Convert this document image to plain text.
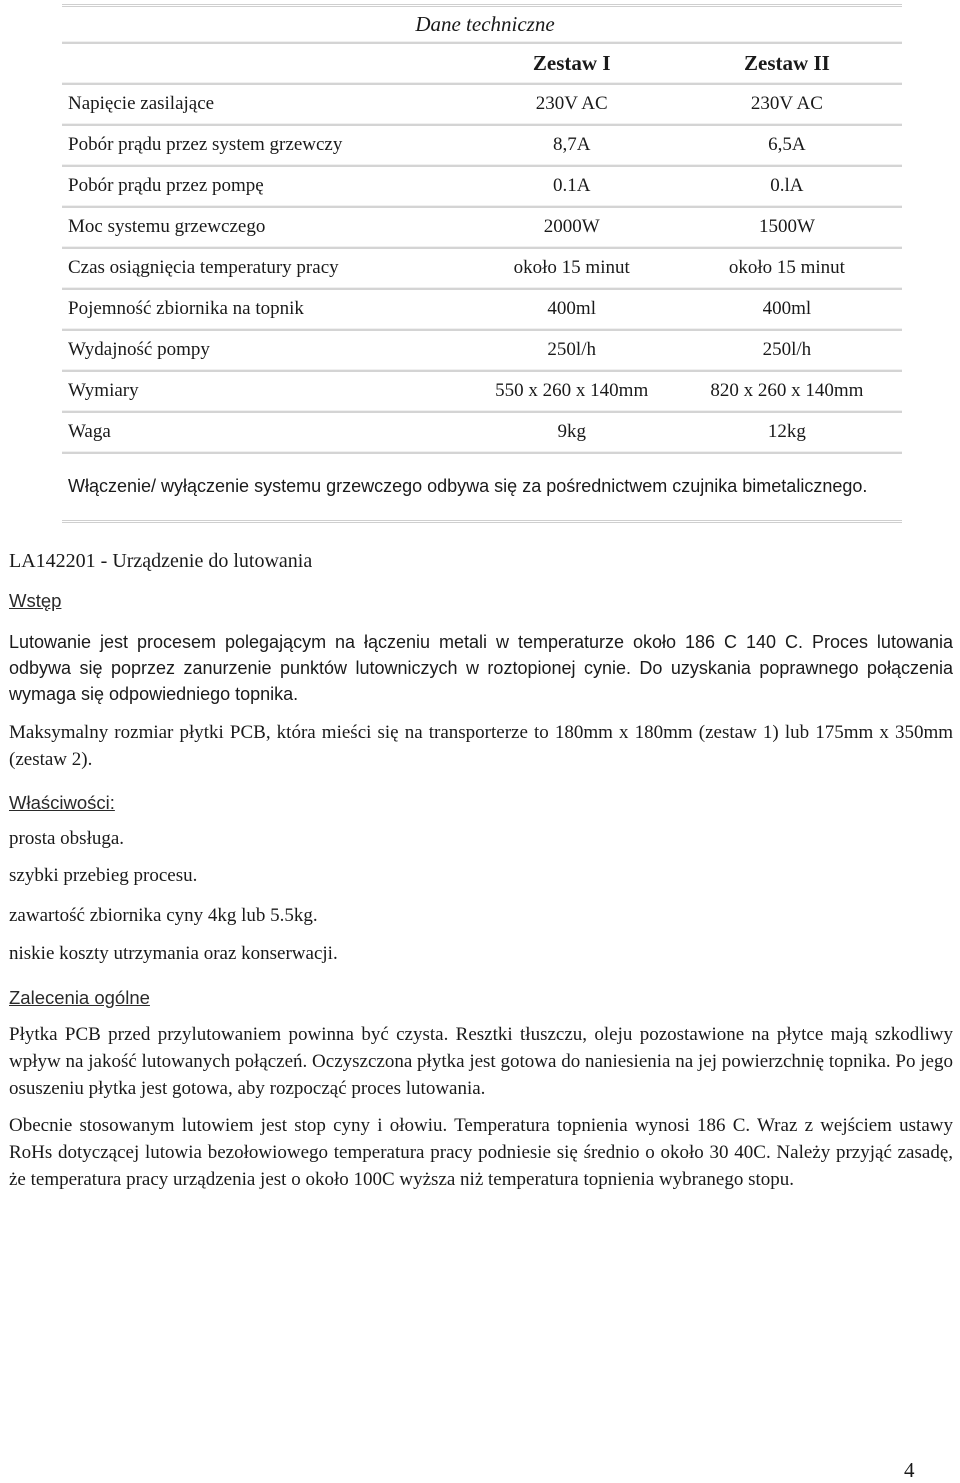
Dane techniczne		
	Zestaw I	Zestaw II
Napięcie zasilające	230V AC	230V AC
Pobór prądu przez system grzewczy	8,7A	6,5A
Pobór prądu przez pompę	0.1A	0.lA
Moc systemu grzewczego	2000W	1500W
Czas osiągnięcia temperatury pracy	około 15 minut	około 15 minut
Pojemność zbiornika na topnik	400ml	400ml
Wydajność pompy	250l/h	250l/h
Wymiary	550 x 260 x 140mm	820 x 260 x 140mm
Waga	9kg	12kg
Włączenie/ wyłączenie systemu grzewczego odbywa się za pośrednictwem czujnika bimetalicznego.		
LA142201 - Urządzenie do lutowania
Wstęp

Lutowanie jest procesem polegającym na łączeniu metali w temperaturze około 186 C 140 C. Proces lutowania odbywa się poprzez zanurzenie punktów lutowniczych w roztopionej cynie. Do uzyskania poprawnego połączenia wymaga się odpowiedniego topnika.

Maksymalny rozmiar płytki PCB, która mieści się na transporterze to 180mm x 180mm (zestaw 1) lub 175mm x 350mm (zestaw 2).

Właściwości:
prosta obsługa.
szybki przebieg procesu.
zawartość zbiornika cyny 4kg lub 5.5kg.
niskie koszty utrzymania oraz konserwacji.
Zalecenia ogólne

Płytka PCB przed przylutowaniem powinna być czysta. Resztki tłuszczu, oleju pozostawione na płytce mają szkodliwy wpływ na jakość lutowanych połączeń. Oczyszczona płytka jest gotowa do naniesienia na jej powierzchnię topnika. Po jego osuszeniu płytka jest gotowa, aby rozpocząć proces lutowania.

Obecnie stosowanym lutowiem jest stop cyny i ołowiu. Temperatura topnienia wynosi 186 C. Wraz z wejściem ustawy RoHs dotyczącej lutowia bezołowiowego temperatura pracy podniesie się średnio o około 30 40C. Należy przyjąć zasadę, że temperatura pracy urządzenia jest o około 100C wyższa niż temperatura topnienia wybranego stopu.

4
